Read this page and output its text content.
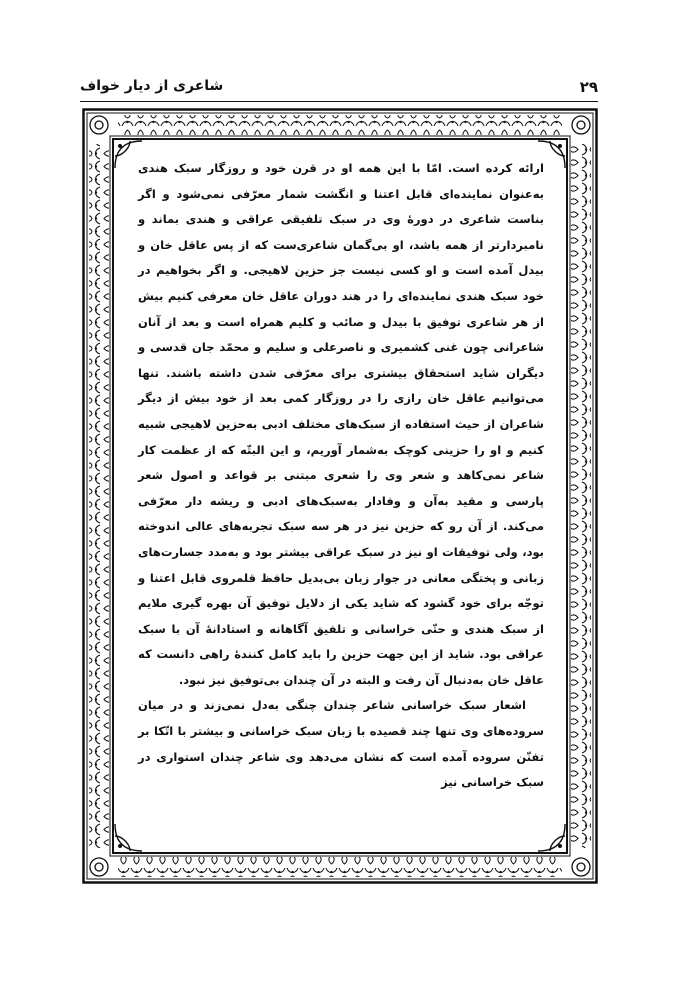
۲۹
شاعری از دیار خواف

ارائه کرده است. امّا با این همه او در قرن خود و روزگار سبک هندی به‌عنوان نماینده‌ای قابل اعتنا و انگشت شمار معرّفی نمی‌شود و اگر بناست شاعری در دورهٔ وی در سبک تلفیقی عراقی و هندی بماند و نامبردارتر از همه باشد، او بی‌گمان شاعری‌ست که از پس عاقل خان و بیدل آمده است و او کسی نیست جز حزین لاهیجی. و اگر بخواهیم در خود سبک هندی نماینده‌ای را در هند دوران عاقل خان معرفی کنیم بیش از هر شاعری توفیق با بیدل و صائب و کلیم همراه است و بعد از آنان شاعرانی چون غنی کشمیری و ناصرعلی و سلیم و محمّد جان قدسی و دیگران شاید استحقاق بیشتری برای معرّفی شدن داشته باشند. تنها می‌توانیم عاقل خان رازی را در روزگار کمی بعد از خود بیش از دیگر شاعران از حیث استفاده از سبک‌های مختلف ادبی به‌حزین لاهیجی شبیه کنیم و او را حزینی کوچک به‌شمار آوریم، و این البتّه که از عظمت کار شاعر نمی‌کاهد و شعر وی را شعری مبتنی بر قواعد و اصول شعر پارسی و مقید به‌آن و وفادار به‌سبک‌های ادبی و ریشه دار معرّفی می‌کند. از آن رو که حزین نیز در هر سه سبک تجربه‌های عالی اندوخته بود، ولی توفیقات او نیز در سبک عراقی بیشتر بود و به‌مدد جسارت‌های زبانی و پختگی معانی در جوار زبان بی‌بدیل حافظ قلمروی قابل اعتنا و توجّه برای خود گشود که شاید یکی از دلایل توفیق آن بهره گیری ملایم از سبک هندی و حتّی خراسانی و تلفیق آگاهانه و استادانهٔ آن با سبک عراقی بود. شاید از این جهت حزین را باید کامل کنندهٔ راهی دانست که عاقل خان به‌دنبال آن رفت و البته در آن چندان بی‌توفیق نیز نبود.

اشعار سبک خراسانی شاعر چندان چنگی به‌دل نمی‌زند و در میان سروده‌های وی تنها چند قصیده با زبان سبک خراسانی و بیشتر با اتّکا بر تفنّن سروده آمده است که نشان می‌دهد وی شاعر چندان استواری در سبک خراسانی نیز
